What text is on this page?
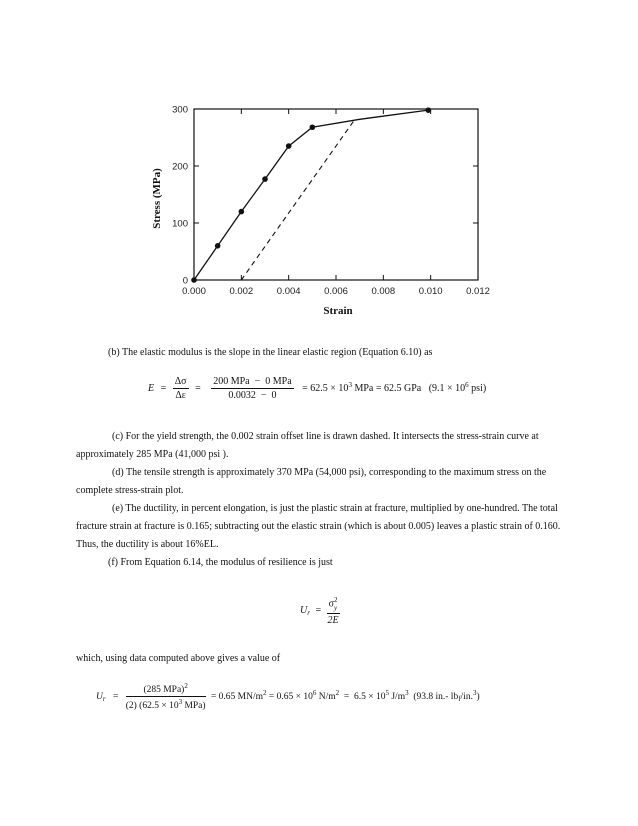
0.000 0.002 0.004 0.006 0.008 0.010 0.012
0
100
200
300
Strain
Stress (MPa)
(b) The elastic modulus is the slope in the linear elastic region (Equation 6.10) as
$E = \frac{\Delta\sigma}{\Delta\varepsilon} = \frac{\text{200 MPa  −  0 MPa}}{0.0032 - 0} = 62.5 \times 10^3$ MPa = 62.5 GPa   ($9.1 \times 10^6$ psi)
(c) For the yield strength, the 0.002 strain offset line is drawn dashed. It intersects the stress-strain curve at approximately 285 MPa (41,000 psi ).
(d) The tensile strength is approximately 370 MPa (54,000 psi), corresponding to the maximum stress on the complete stress-strain plot.
(e) The ductility, in percent elongation, is just the plastic strain at fracture, multiplied by one-hundred. The total fracture strain at fracture is 0.165; subtracting out the elastic strain (which is about 0.005) leaves a plastic strain of 0.160. Thus, the ductility is about 16%EL.
(f) From Equation 6.14, the modulus of resilience is just
$U_r = \sigma$ 2
y
2E
which, using data computed above gives a value of
$U_r = \frac{(285 MPa)^2}{(2) (62.5 \times 10^3 MPa)} = 0.65$ $MN/m^2 = 0.65 \times 10^6$ $N/m^2 = 6.5 \times 10^5$ $J/m^3$  (93.8 in.- $lb_f/in.^3$)
